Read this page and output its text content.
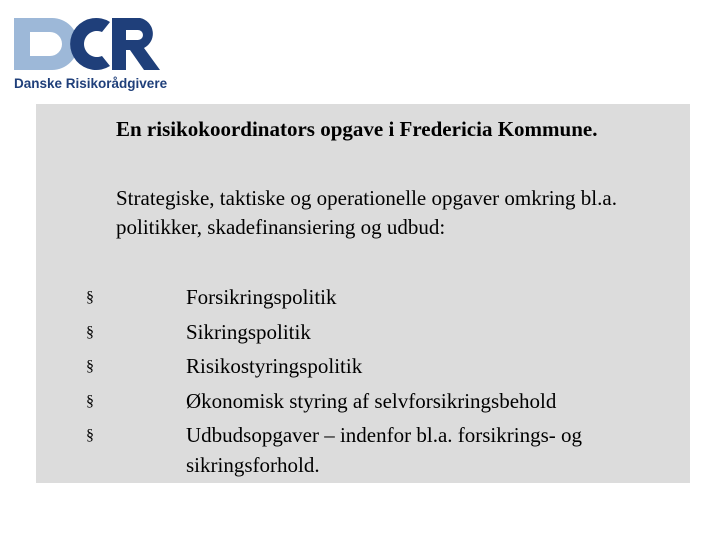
Danske Risikorådgivere
En risikokoordinators opgave i Fredericia Kommune.
Strategiske, taktiske og operationelle opgaver omkring bl.a. politikker, skadefinansiering og udbud:
§	Forsikringspolitik
§	Sikringspolitik
§	Risikostyringspolitik
§	Økonomisk styring af selvforsikringsbehold
§	Udbudsopgaver – indenfor bl.a. forsikrings- og sikringsforhold.
